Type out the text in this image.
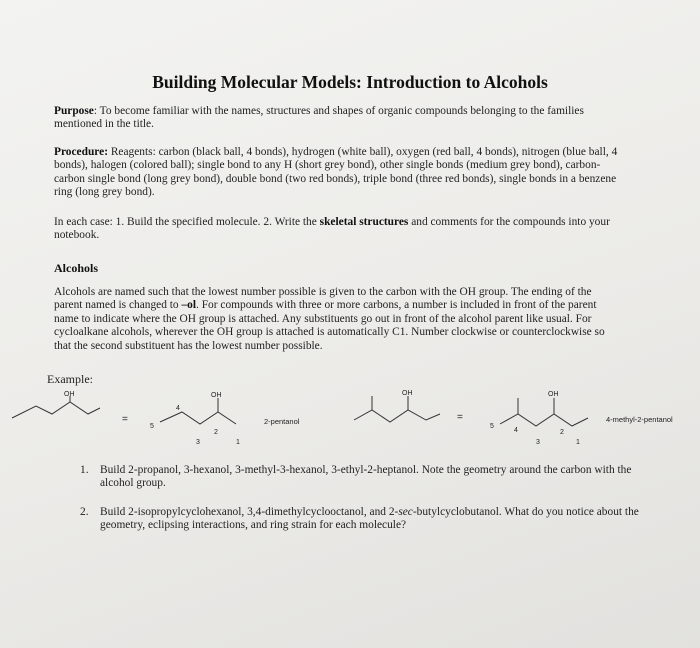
Building Molecular Models: Introduction to Alcohols
Purpose: To become familiar with the names, structures and shapes of organic compounds belonging to the families mentioned in the title.
Procedure: Reagents: carbon (black ball, 4 bonds), hydrogen (white ball), oxygen (red ball, 4 bonds), nitrogen (blue ball, 4 bonds), halogen (colored ball); single bond to any H (short grey bond), other single bonds (medium grey bond), carbon-carbon single bond (long grey bond), double bond (two red bonds), triple bond (three red bonds), single bonds in a benzene ring (long grey bond).
In each case: 1. Build the specified molecule. 2. Write the skeletal structures and comments for the compounds into your notebook.
Alcohols
Alcohols are named such that the lowest number possible is given to the carbon with the OH group. The ending of the parent named is changed to –ol. For compounds with three or more carbons, a number is included in front of the parent name to indicate where the OH group is attached. Any substituents go out in front of the alcohol parent like usual. For cycloalkane alcohols, wherever the OH group is attached is automatically C1. Number clockwise or counterclockwise so that the second substituent has the lowest number possible.
Example:
OH	OH	OH	OH
=	=
4
5
2
3	1
2-pentanol
5
4	2
3	1
4-methyl-2-pentanol
1. Build 2-propanol, 3-hexanol, 3-methyl-3-hexanol, 3-ethyl-2-heptanol. Note the geometry around the carbon with the alcohol group.
2. Build 2-isopropylcyclohexanol, 3,4-dimethylcyclooctanol, and 2-sec-butylcyclobutanol. What do you notice about the geometry, eclipsing interactions, and ring strain for each molecule?
